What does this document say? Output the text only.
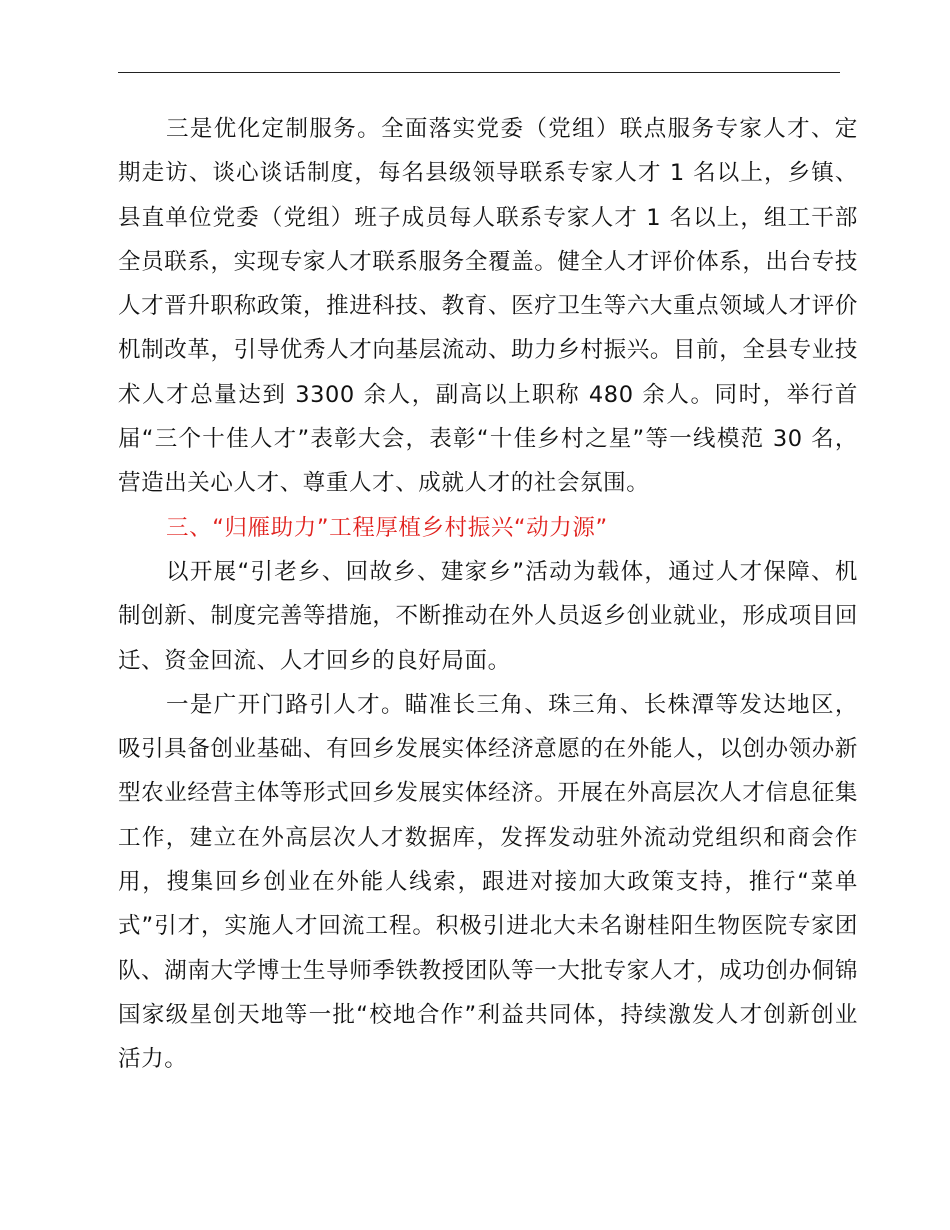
三是优化定制服务。全面落实党委（党组）联点服务专家人才、定期走访、谈心谈话制度，每名县级领导联系专家人才 1 名以上，乡镇、县直单位党委（党组）班子成员每人联系专家人才 1 名以上，组工干部全员联系，实现专家人才联系服务全覆盖。健全人才评价体系，出台专技人才晋升职称政策，推进科技、教育、医疗卫生等六大重点领域人才评价机制改革，引导优秀人才向基层流动、助力乡村振兴。目前，全县专业技术人才总量达到 3300 余人，副高以上职称 480 余人。同时，举行首届“三个十佳人才”表彰大会，表彰“十佳乡村之星”等一线模范 30 名，营造出关心人才、尊重人才、成就人才的社会氛围。

三、“归雁助力”工程厚植乡村振兴“动力源”

以开展“引老乡、回故乡、建家乡”活动为载体，通过人才保障、机制创新、制度完善等措施，不断推动在外人员返乡创业就业，形成项目回迁、资金回流、人才回乡的良好局面。

一是广开门路引人才。瞄准长三角、珠三角、长株潭等发达地区，吸引具备创业基础、有回乡发展实体经济意愿的在外能人，以创办领办新型农业经营主体等形式回乡发展实体经济。开展在外高层次人才信息征集工作，建立在外高层次人才数据库，发挥发动驻外流动党组织和商会作用，搜集回乡创业在外能人线索，跟进对接加大政策支持，推行“菜单式”引才，实施人才回流工程。积极引进北大未名谢桂阳生物医院专家团队、湖南大学博士生导师季铁教授团队等一大批专家人才，成功创办侗锦国家级星创天地等一批“校地合作”利益共同体，持续激发人才创新创业活力。
